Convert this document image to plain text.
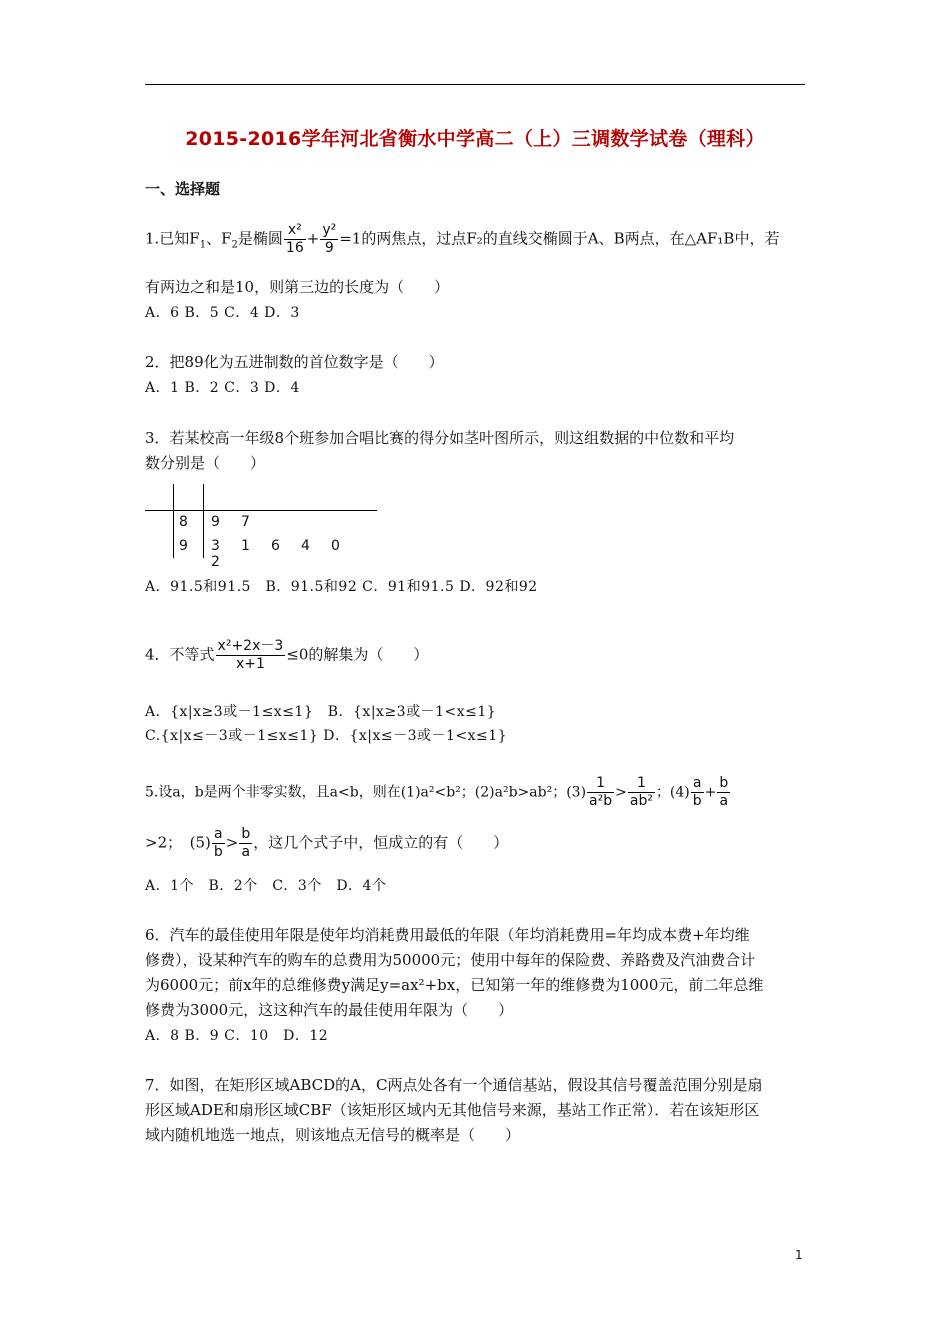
2015-2016学年河北省衡水中学高二（上）三调数学试卷（理科）
一、选择题
1.已知$F_1$、$F_2$是椭圆 $\frac{\text{x²}}{16} + \frac{\text{y²}}{9} =1$的两焦点，过点F₂的直线交椭圆于A、B两点，在△AF₁B中，若
有两边之和是10，则第三边的长度为（　　）
A．6 B．5 C．4 D．3
2．把89化为五进制数的首位数字是（　　）
A．1 B．2 C．3 D．4
3．若某校高一年级8个班参加合唱比赛的得分如茎叶图所示，则这组数据的中位数和平均
数分别是（　　）
8 9 7
9 3 1 6 4 02
A．91.5和91.5　B．91.5和92 C．91和91.5 D．92和92
4．不等式 $\frac{\text{x²+2x－3}}{x+1} \le 0$的解集为（　　）
A．{x|x≥3或－1≤x≤1}　B．{x|x≥3或－1<x≤1}
C.{x|x≤－3或－1≤x≤1} D．{x|x≤－3或－1<x≤1}
5.设a，b是两个非零实数，且a<b，则在(1)a²<b²；(2)a²b>ab²；$(3) \frac{1}{\text{a²b}} > \frac{1}{\text{ab²}}$ ；$(4) \frac{a}{b} + \frac{b}{a}$
>2；　$(5) \frac{a}{b} > \frac{b}{a}$ ，这几个式子中，恒成立的有（　　）
A．1个　B．2个　C．3个　D．4个
6．汽车的最佳使用年限是使年均消耗费用最低的年限（年均消耗费用=年均成本费+年均维
修费），设某种汽车的购车的总费用为50000元；使用中每年的保险费、养路费及汽油费合计
为6000元；前x年的总维修费y满足y=ax²+bx，已知第一年的维修费为1000元，前二年总维
修费为3000元，这这种汽车的最佳使用年限为（　　）
A．8 B．9 C．10　D．12
7．如图，在矩形区域ABCD的A，C两点处各有一个通信基站，假设其信号覆盖范围分别是扇
形区域ADE和扇形区域CBF（该矩形区域内无其他信号来源，基站工作正常）．若在该矩形区
域内随机地选一地点，则该地点无信号的概率是（　　）
1
